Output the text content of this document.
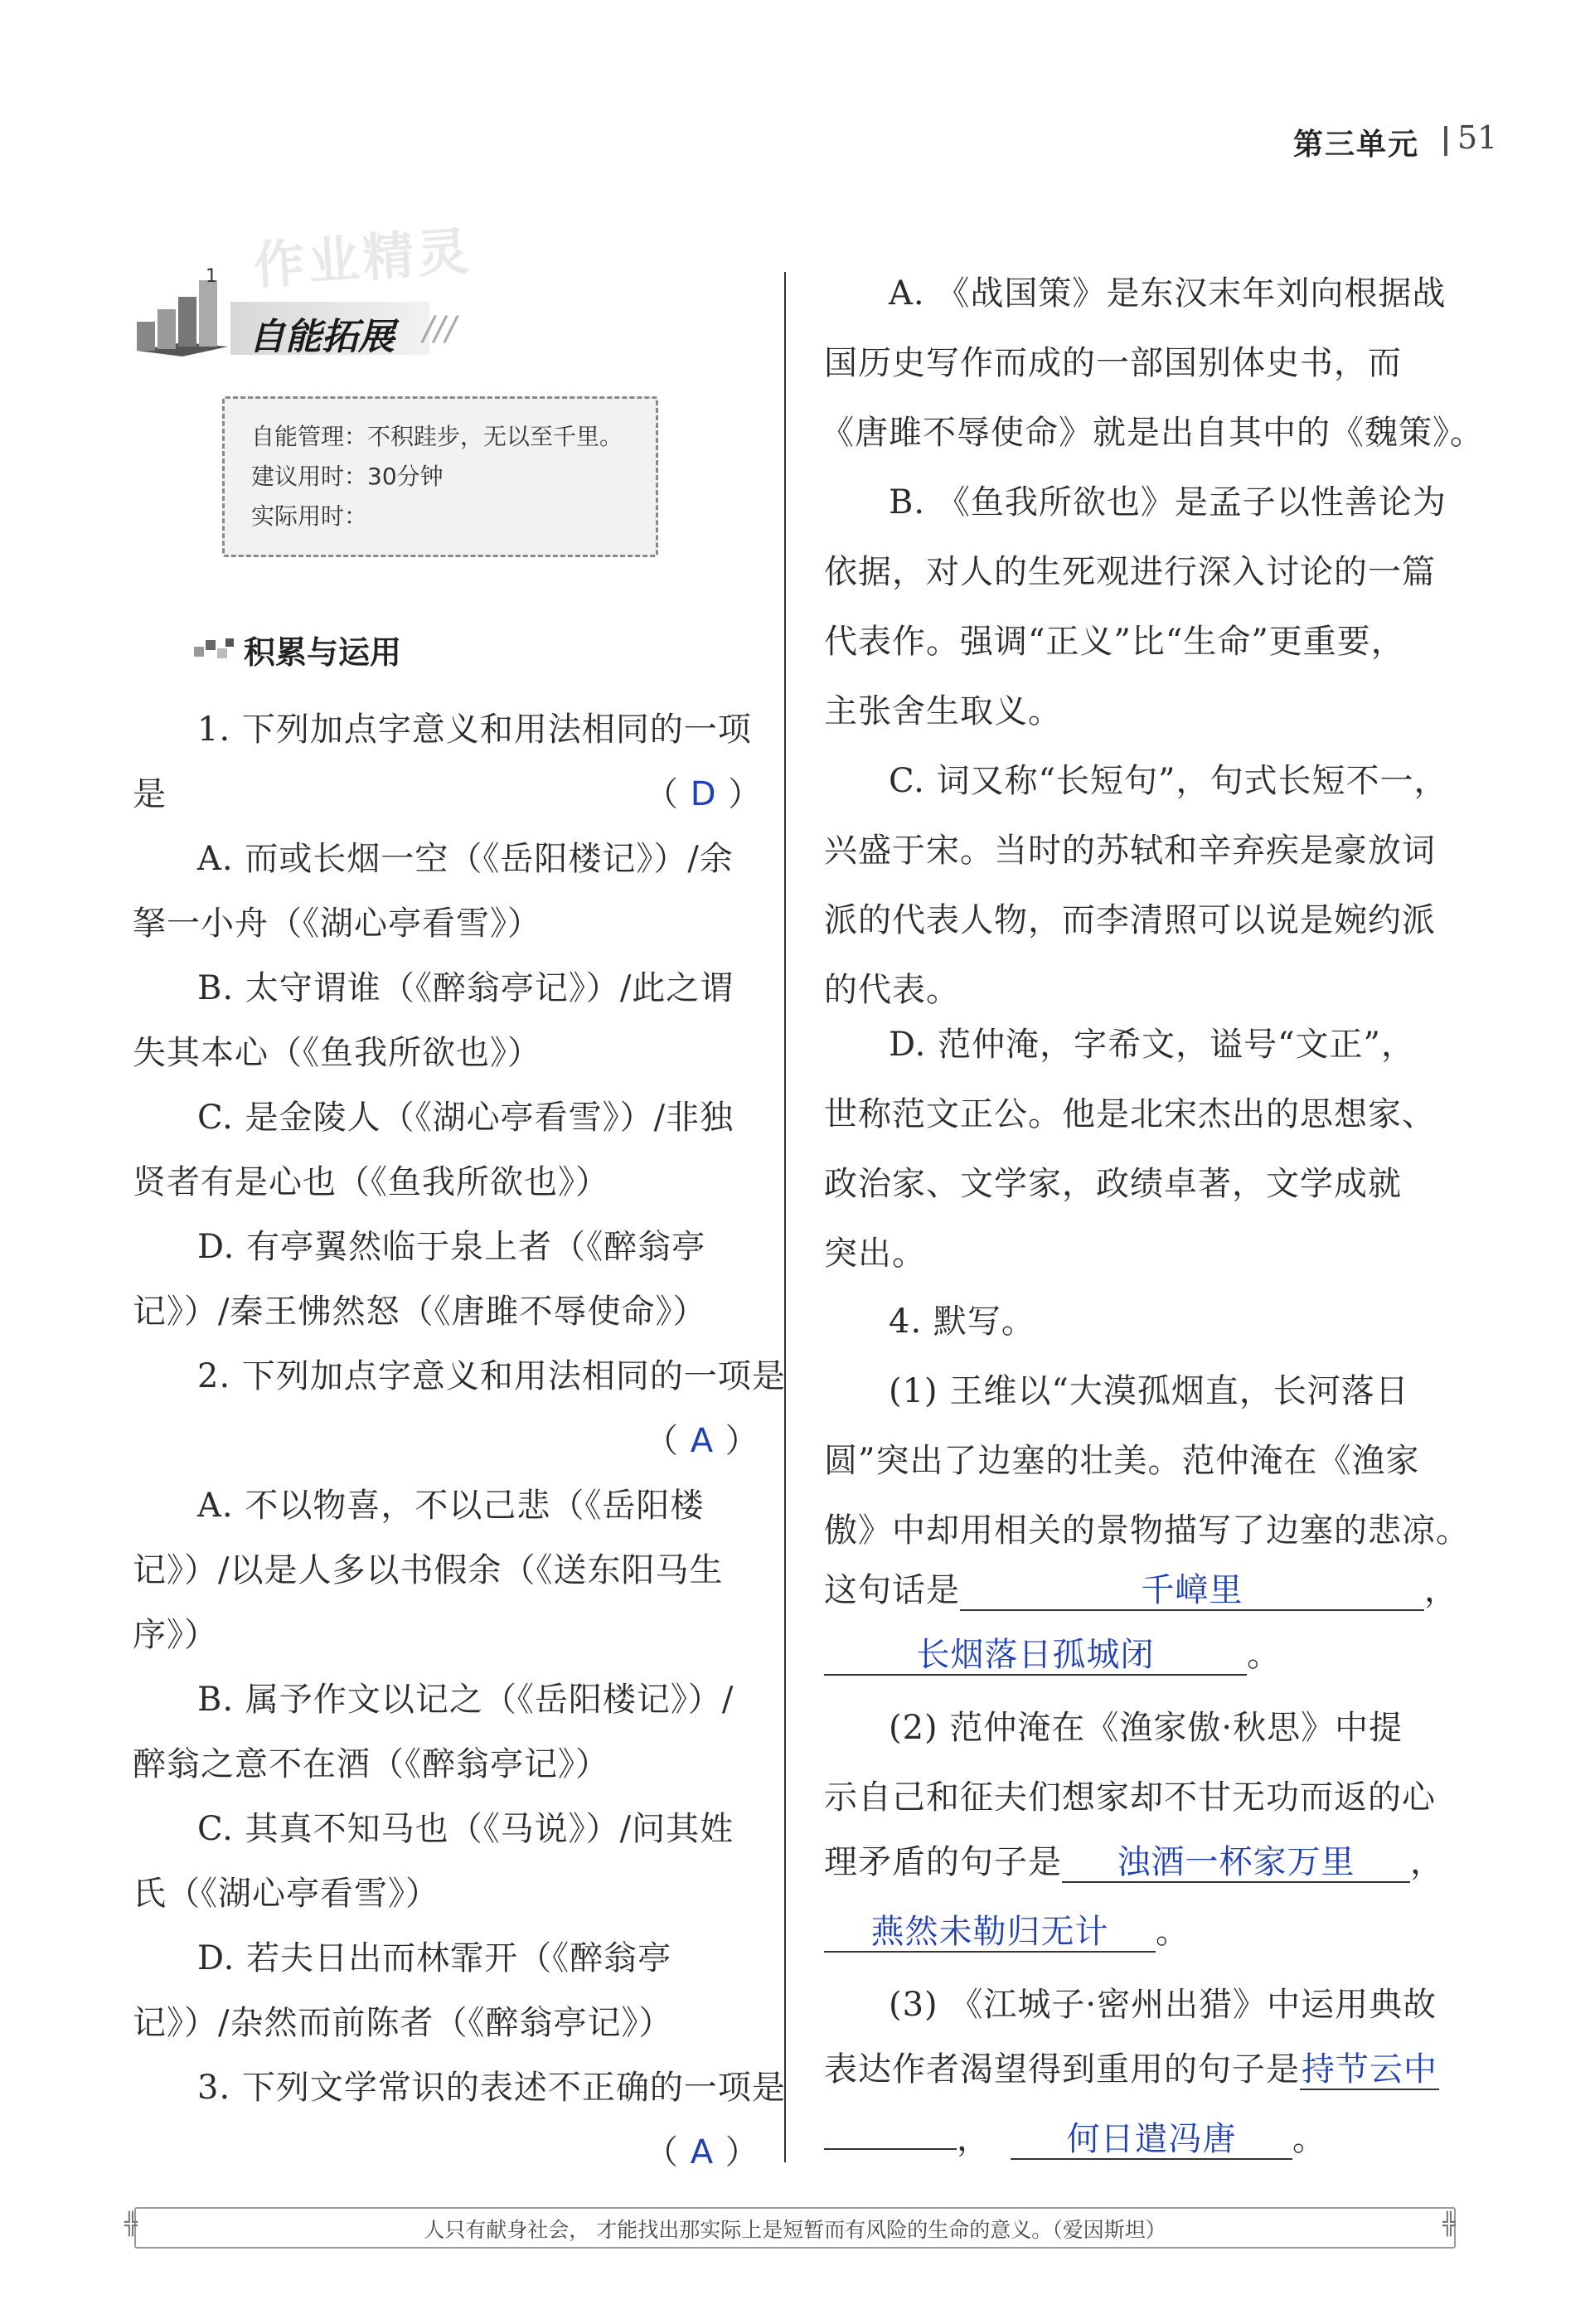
第三单元 51
作业精灵
1
自能拓展 ///
自能管理：不积跬步，无以至千里。
建议用时：30分钟
实际用时：
积累与运用
1. 下列加点字意义和用法相同的一项
是	（ D ）
A. 而或长烟一空（《岳阳楼记》）/余
拏一小舟（《湖心亭看雪》）
B. 太守谓谁（《醉翁亭记》）/此之谓
失其本心（《鱼我所欲也》）
C. 是金陵人（《湖心亭看雪》）/非独
贤者有是心也（《鱼我所欲也》）
D. 有亭翼然临于泉上者（《醉翁亭
记》）/秦王怫然怒（《唐雎不辱使命》）
2. 下列加点字意义和用法相同的一项是
（ A ）
A. 不以物喜，不以己悲（《岳阳楼
记》）/以是人多以书假余（《送东阳马生
序》）
B. 属予作文以记之（《岳阳楼记》）/
醉翁之意不在酒（《醉翁亭记》）
C. 其真不知马也（《马说》）/问其姓
氏（《湖心亭看雪》）
D. 若夫日出而林霏开（《醉翁亭
记》）/杂然而前陈者（《醉翁亭记》）
3. 下列文学常识的表述不正确的一项是
（ A ）
A. 《战国策》是东汉末年刘向根据战
国历史写作而成的一部国别体史书，而
《唐雎不辱使命》就是出自其中的《魏策》。
B. 《鱼我所欲也》是孟子以性善论为
依据，对人的生死观进行深入讨论的一篇
代表作。强调“正义”比“生命”更重要，
主张舍生取义。
C. 词又称“长短句”，句式长短不一，
兴盛于宋。当时的苏轼和辛弃疾是豪放词
派的代表人物，而李清照可以说是婉约派
的代表。
D. 范仲淹，字希文，谥号“文正”，
世称范文正公。他是北宋杰出的思想家、
政治家、文学家，政绩卓著，文学成就
突出。
4. 默写。
(1) 王维以“大漠孤烟直，长河落日
圆”突出了边塞的壮美。范仲淹在《渔家
傲》中却用相关的景物描写了边塞的悲凉。
这句话是	千嶂里	，
长烟落日孤城闭	。
(2) 范仲淹在《渔家傲·秋思》中提
示自己和征夫们想家却不甘无功而返的心
理矛盾的句子是 浊酒一杯家万里 ，
燕然未勒归无计 。
(3) 《江城子·密州出猎》中运用典故
表达作者渴望得到重用的句子是持节云中
， 何日遣冯唐 。
人只有献身社会， 才能找出那实际上是短暂而有风险的生命的意义。（爱因斯坦）
╬	╬
